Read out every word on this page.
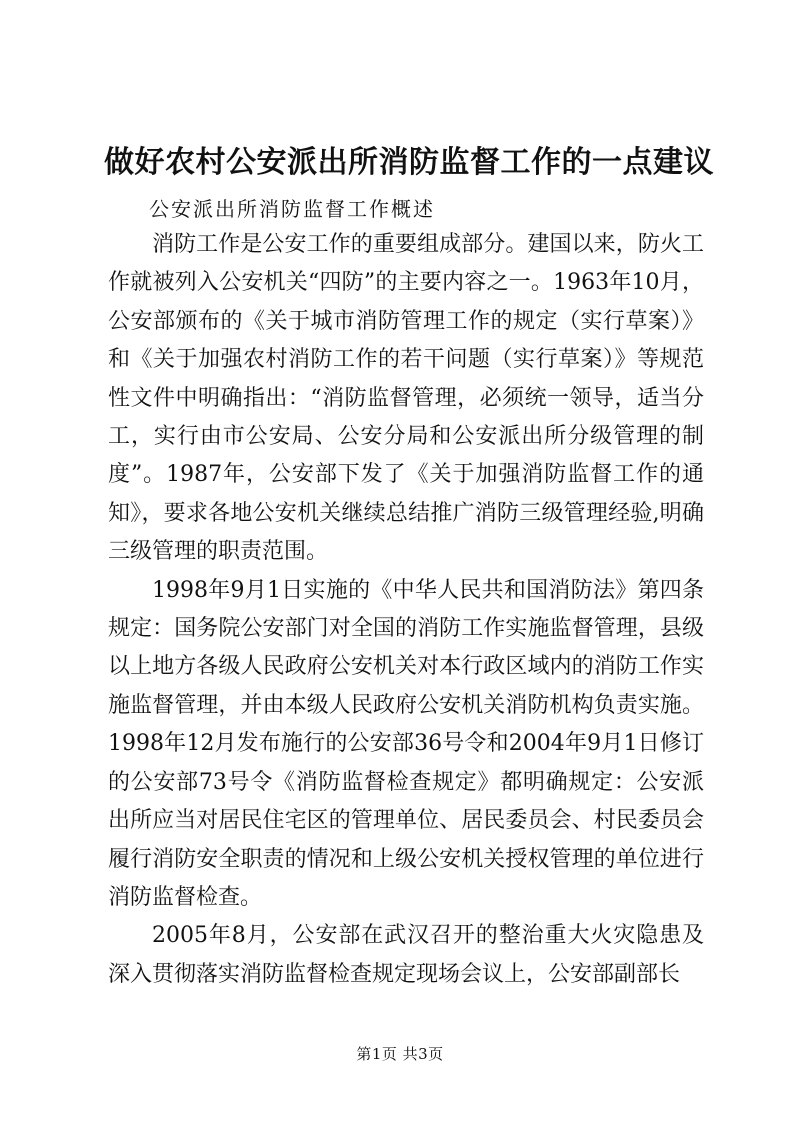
做好农村公安派出所消防监督工作的一点建议
公安派出所消防监督工作概述

消防工作是公安工作的重要组成部分。建国以来，防火工作就被列入公安机关“四防”的主要内容之一。1963年10月，公安部颁布的《关于城市消防管理工作的规定（实行草案）》和《关于加强农村消防工作的若干问题（实行草案）》等规范性文件中明确指出：“消防监督管理，必须统一领导，适当分工，实行由市公安局、公安分局和公安派出所分级管理的制度”。1987年，公安部下发了《关于加强消防监督工作的通知》，要求各地公安机关继续总结推广消防三级管理经验,明确三级管理的职责范围。

1998年9月1日实施的《中华人民共和国消防法》第四条规定：国务院公安部门对全国的消防工作实施监督管理，县级以上地方各级人民政府公安机关对本行政区域内的消防工作实施监督管理，并由本级人民政府公安机关消防机构负责实施。1998年12月发布施行的公安部36号令和2004年9月1日修订的公安部73号令《消防监督检查规定》都明确规定：公安派出所应当对居民住宅区的管理单位、居民委员会、村民委员会履行消防安全职责的情况和上级公安机关授权管理的单位进行消防监督检查。

2005年8月，公安部在武汉召开的整治重大火灾隐患及深入贯彻落实消防监督检查规定现场会议上，公安部副部长

第1页 共3页
